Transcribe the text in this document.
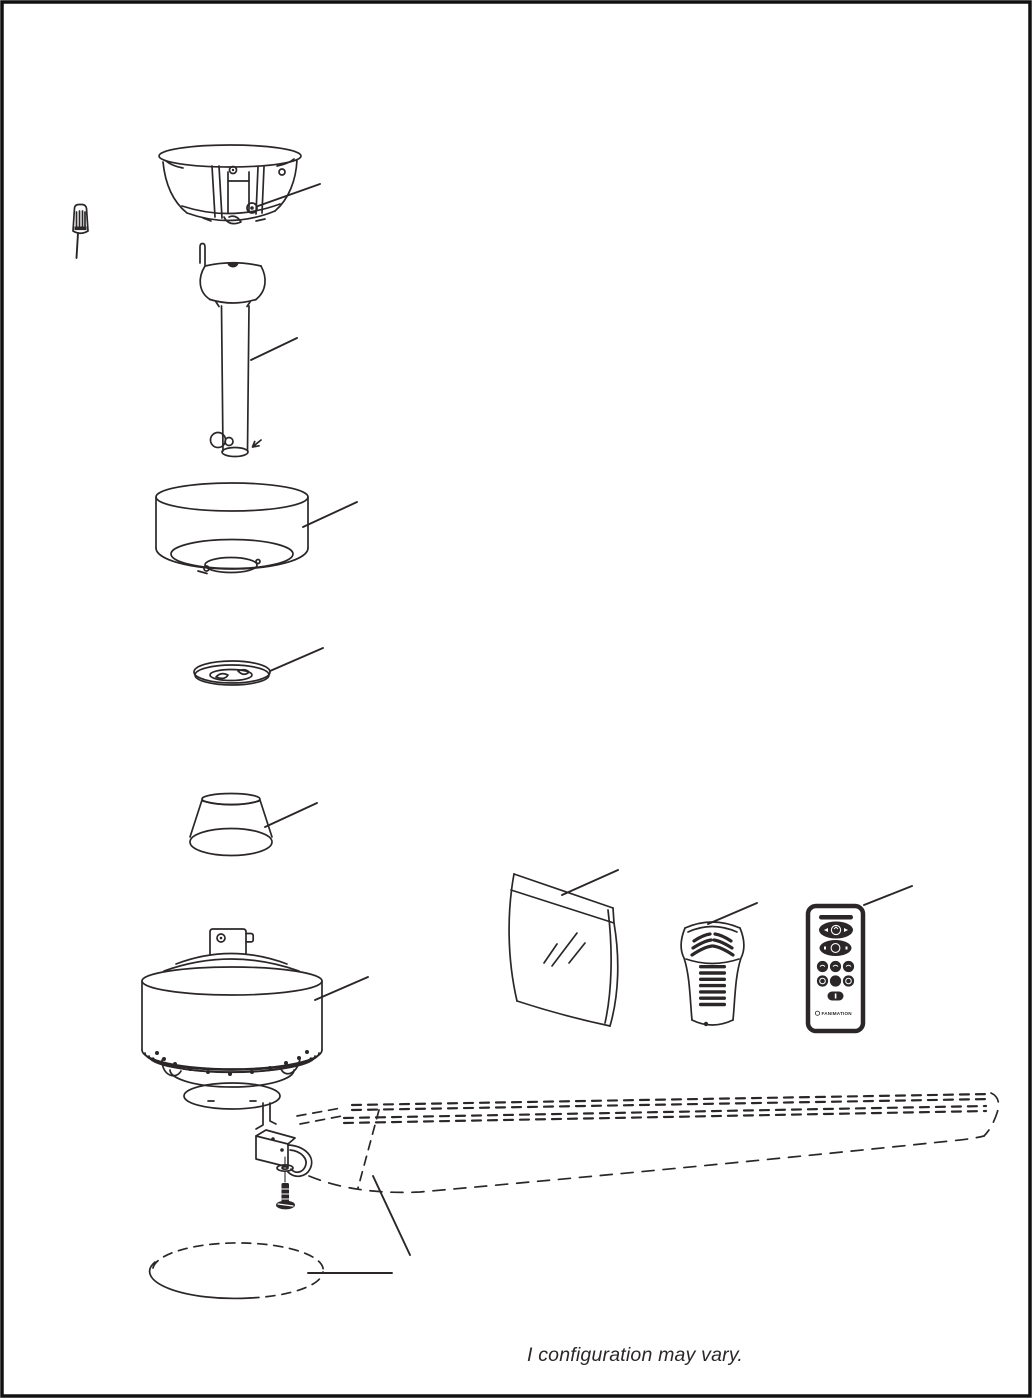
FANIMATION
I configuration may vary.
